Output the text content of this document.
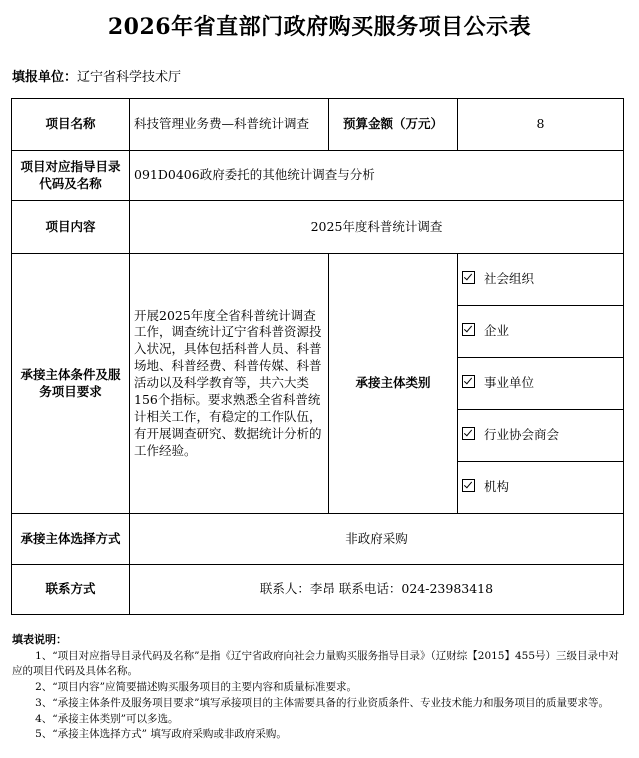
2026年省直部门政府购买服务项目公示表
填报单位：辽宁省科学技术厅
项目名称	科技管理业务费—科普统计调查	预算金额（万元）	8
项目对应指导目录代码及名称	091D0406政府委托的其他统计调查与分析		
项目内容	2025年度科普统计调查		
承接主体条件及服务项目要求	开展2025年度全省科普统计调查工作，调查统计辽宁省科普资源投入状况，具体包括科普人员、科普场地、科普经费、科普传媒、科普活动以及科学教育等，共六大类156个指标。要求熟悉全省科普统计相关工作，有稳定的工作队伍，有开展调查研究、数据统计分析的工作经验。	承接主体类别	社会组织
			企业
			事业单位
			行业协会商会
			机构
承接主体选择方式	非政府采购		
联系方式	联系人：李昂 联系电话：024-23983418		

填表说明：

1、“项目对应指导目录代码及名称”是指《辽宁省政府向社会力量购买服务指导目录》（辽财综【2015】455号）三级目录中对应的项目代码及具体名称。

2、“项目内容”应简要描述购买服务项目的主要内容和质量标准要求。

3、“承接主体条件及服务项目要求”填写承接项目的主体需要具备的行业资质条件、专业技术能力和服务项目的质量要求等。

4、“承接主体类别”可以多选。

5、“承接主体选择方式” 填写政府采购或非政府采购。
